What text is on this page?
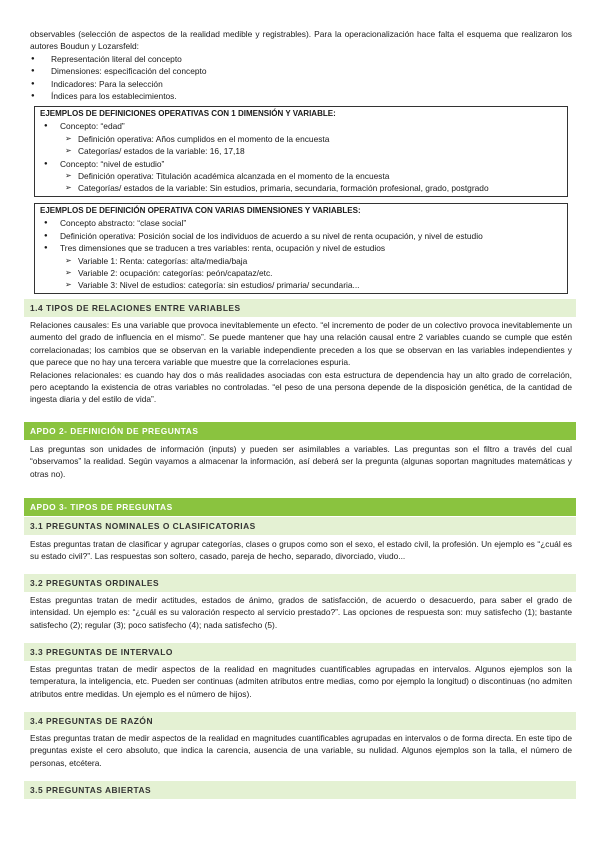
observables (selección de aspectos de la realidad medible y registrables). Para la operacionalización hace falta el esquema que realizaron los autores Boudun y Lozarsfeld:

● Representación literal del concepto
● Dimensiones: especificación del concepto
● Indicadores: Para la selección
● Índices para los establecimientos.
EJEMPLOS DE DEFINICIONES OPERATIVAS CON 1 DIMENSIÓN Y VARIABLE:
● Concepto: “edad”
➢ Definición operativa: Años cumplidos en el momento de la encuesta
➢ Categorías/ estados de la variable: 16, 17,18
● Concepto: “nivel de estudio”
➢ Definición operativa: Titulación académica alcanzada en el momento de la encuesta
➢ Categorías/ estados de la variable: Sin estudios, primaria, secundaria, formación profesional, grado, postgrado
EJEMPLOS DE DEFINICIÓN OPERATIVA CON VARIAS DIMENSIONES Y VARIABLES:
● Concepto abstracto: “clase social”
● Definición operativa: Posición social de los individuos de acuerdo a su nivel de renta ocupación, y nivel de estudio
● Tres dimensiones que se traducen a tres variables: renta, ocupación y nivel de estudios
➢ Variable 1: Renta: categorías: alta/media/baja
➢ Variable 2: ocupación: categorías: peón/capataz/etc.
➢ Variable 3: Nivel de estudios: categoría: sin estudios/ primaria/ secundaria...
1.4 TIPOS DE RELACIONES ENTRE VARIABLES

Relaciones causales: Es una variable que provoca inevitablemente un efecto. “el incremento de poder de un colectivo provoca inevitablemente un aumento del grado de influencia en el mismo”. Se puede mantener que hay una relación causal entre 2 variables cuando se cumple que estén correlacionadas; los cambios que se observan en la variable independiente preceden a los que se observan en las variables independientes y que parece que no hay una tercera variable que muestre que la correlaciones espuria.

Relaciones relacionales: es cuando hay dos o más realidades asociadas con esta estructura de dependencia hay un alto grado de correlación, pero aceptando la existencia de otras variables no controladas. “el peso de una persona depende de la disposición genética, de la cantidad de ingesta diaria y del estilo de vida”.

APDO 2- DEFINICIÓN DE PREGUNTAS

Las preguntas son unidades de información (inputs) y pueden ser asimilables a variables. Las preguntas son el filtro a través del cual “observamos” la realidad. Según vayamos a almacenar la información, así deberá ser la pregunta (algunas soportan magnitudes matemáticas y otras no).

APDO 3- TIPOS DE PREGUNTAS
3.1 PREGUNTAS NOMINALES O CLASIFICATORIAS

Estas preguntas tratan de clasificar y agrupar categorías, clases o grupos como son el sexo, el estado civil, la profesión. Un ejemplo es “¿cuál es su estado civil?”. Las respuestas son soltero, casado, pareja de hecho, separado, divorciado, viudo...

3.2 PREGUNTAS ORDINALES

Estas preguntas tratan de medir actitudes, estados de ánimo, grados de satisfacción, de acuerdo o desacuerdo, para saber el grado de intensidad. Un ejemplo es: “¿cuál es su valoración respecto al servicio prestado?”. Las opciones de respuesta son: muy satisfecho (1); bastante satisfecho (2); regular (3); poco satisfecho (4); nada satisfecho (5).

3.3 PREGUNTAS DE INTERVALO

Estas preguntas tratan de medir aspectos de la realidad en magnitudes cuantificables agrupadas en intervalos. Algunos ejemplos son la temperatura, la inteligencia, etc. Pueden ser continuas (admiten atributos entre medias, como por ejemplo la longitud) o discontinuas (no admiten atributos entre medidas. Un ejemplo es el número de hijos).

3.4 PREGUNTAS DE RAZÓN

Estas preguntas tratan de medir aspectos de la realidad en magnitudes cuantificables agrupadas en intervalos o de forma directa. En este tipo de preguntas existe el cero absoluto, que indica la carencia, ausencia de una variable, su nulidad. Algunos ejemplos son la talla, el número de personas, etcétera.

3.5 PREGUNTAS ABIERTAS
